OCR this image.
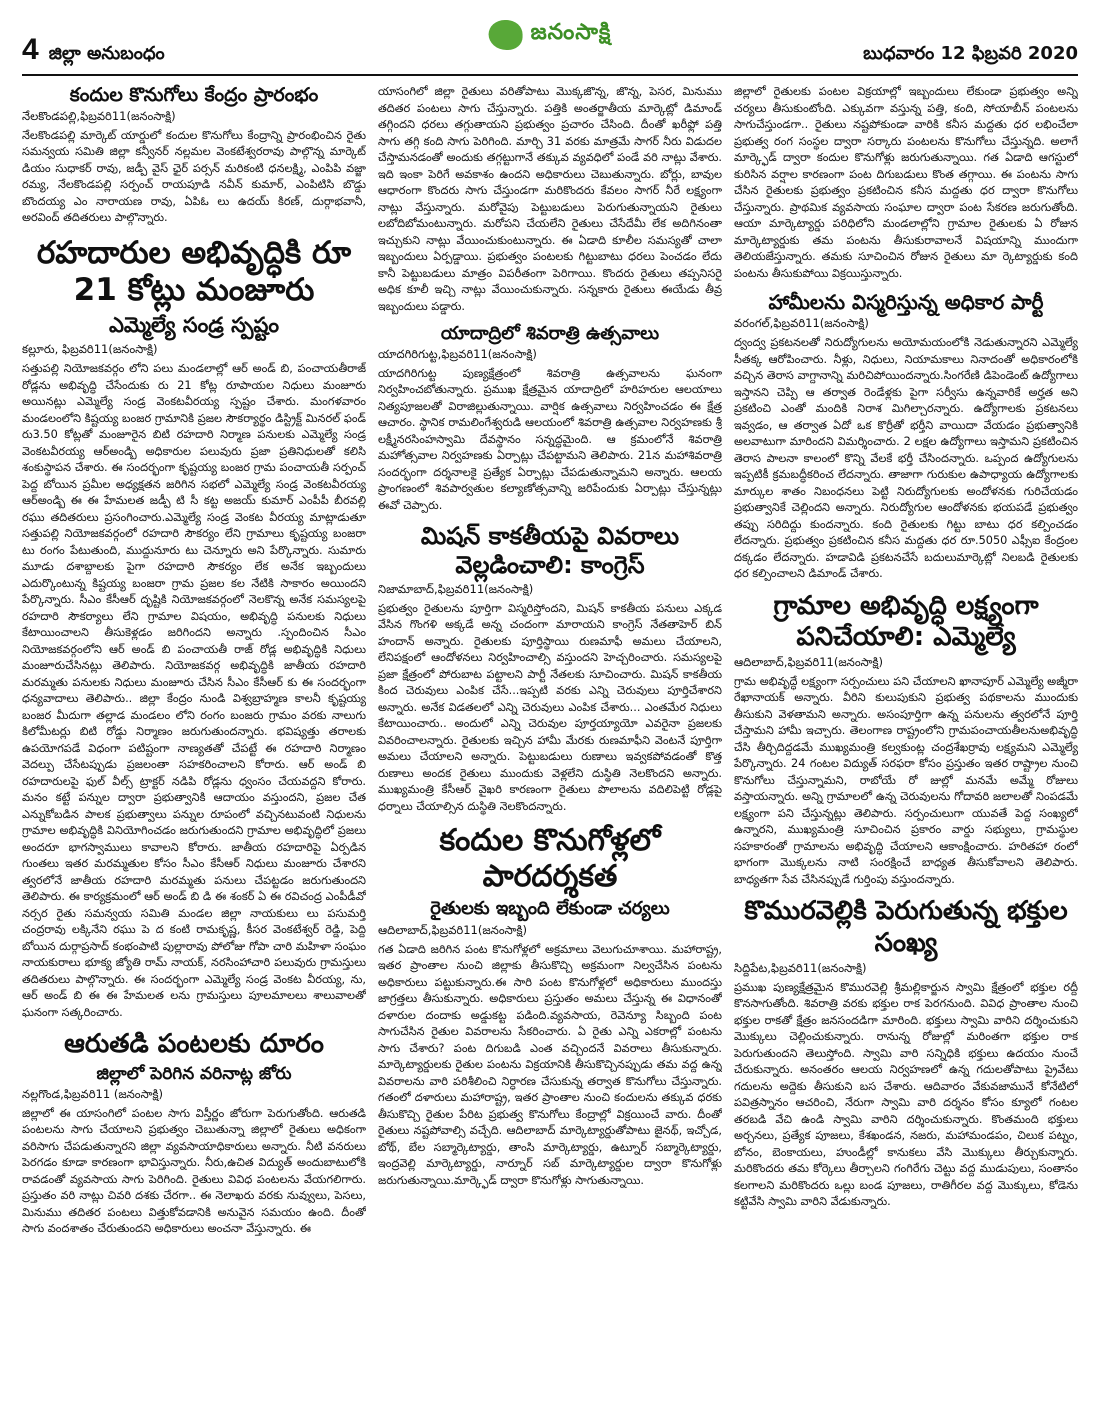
4 జిల్లా అనుబంధం
జనంసాక్షి
బుధవారం 12 ఫిబ్రవరి 2020
కందుల కొనుగోలు కేంద్రం ప్రారంభం
నేలకొండపల్లి,ఫిబ్రవరి11(జనంసాక్షి)

నేలకొండపల్లి మార్కెట్ యార్డులో కందుల కొనుగోలు కేంద్రాన్ని ప్రారంభించిన రైతు సమన్వయ సమితి జిల్లా కన్వీనర్ నల్లమల వెంకటేశ్వరరావు పాల్గొన్న మార్కెట్ డియం సుధాకర్ రావు, జడ్పీ వైస్ ఛైర్ పర్సన్ మరికంటి ధనలక్ష్మి, ఎంపిపి వజ్జా రమ్య, నేలకొండపల్లి సర్పంచ్ రాయపూడి నవీన్ కుమార్, ఎంపిటిసి బొడ్డు బొందయ్య ఎం నారాయణ రావు, ఏపిఓ లు ఉదయ్ కిరణ్, దుర్గాభవానీ, అరవింద్ తదితరులు పాల్గొన్నారు.

రహదారుల అభివృద్ధికి రూ 21 కోట్లు మంజూరు
ఎమ్మెల్యే సండ్ర స్పష్టం
కల్లూరు, ఫిబ్రవరి11(జనంసాక్షి)

సత్తుపల్లి నియోజకవర్గం లోని పలు మండలాల్లో ఆర్ అండ్ బి, పంచాయతీరాజ్ రోడ్లను అభివృద్ధి చేసేందుకు రు 21 కోట్ల రూపాయల నిధులు మంజూరు అయినట్లు ఎమ్మెల్యే సండ్ర వెంకటవీరయ్య స్పష్టం చేశారు. మంగళవారం మండలంలోని కిష్టయ్య బంజర గ్రామానికి ప్రజల సౌకర్యార్థం డిస్ట్రిక్ట్ మినరల్ ఫండ్ రు3.50 కోట్లతో మంజూరైన బిటి రహదారి నిర్మాణ పనులకు ఎమ్మెల్యే సండ్ర వెంకటవీరయ్య ఆర్అండ్బి అధికారుల పలువురు ప్రజా ప్రతినిధులతో కలిసి శంకుస్థాపన చేశారు. ఈ సందర్భంగా కృష్టయ్య బంజర గ్రామ పంచాయతీ సర్పంచ్ పెద్ద బోయిన ప్రమీల అధ్యక్షతన జరిగిన సభలో ఎమ్మెల్యే సండ్ర వెంకటవీరయ్య ఆర్అండ్బి ఈ ఈ హేమలత జడ్పీ టి సీ కట్ట అజయ్ కుమార్ ఎంపీపీ బీరవల్లి రఘు తదితరులు ప్రసంగించారు.ఎమ్మెల్యే సండ్ర వెంకట వీరయ్య మాట్లాడుతూ సత్తుపల్లి నియోజకవర్గంలో రహదారి సౌకర్యం లేని గ్రామాలు కృష్టయ్య బంజరా టు రంగం పేటుతుంది, ముద్దునూరు టు చెన్నూరు అని పేర్కొన్నారు. సుమారు మూడు దశాబ్దాలకు పైగా రహదారి సౌకర్యం లేక అనేక ఇబ్బందులు ఎదుర్కొంటున్న కిష్టయ్య బంజరా గ్రామ ప్రజల కల నేటికి సాకారం అయిందని పేర్కొన్నారు. సీఎం కేసీఆర్ దృష్టికి నియోజకవర్గంలో నెలకొన్న అనేక సమస్యలపై రహదారి సౌకర్యాలు లేని గ్రామాల విషయం, అభివృద్ధి పనులకు నిధులు కేటాయించాలని తీసుకెళ్లడం జరిగిందని అన్నారు .స్పందించిన సీఎం నియోజకవర్గంలోని ఆర్ అండ్ బి పంచాయతీ రాజ్ రోడ్ల అభివృద్ధికి నిధులు మంజూరుచేసినట్లు తెలిపారు. నియోజకవర్గ అభివృద్ధికి జాతీయ రహదారి మరమ్మతు పనులకు నిధులు మంజూరు చేసిన సీఎం కేసీఆర్ కు ఈ సందర్భంగా ధన్యవాదాలు తెలిపారు.. జిల్లా కేంద్రం నుండి విశ్వబ్రాహ్మణ కాలనీ కృష్టయ్య బంజర మీదుగా తల్లాడ మండలం లోని రంగం బంజరు గ్రామం వరకు నాలుగు కిలోమీటర్లు బిటి రోడ్డు నిర్మాణం జరుగుతుందన్నారు. భవిష్యత్తు తరాలకు ఉపయోగపడే విధంగా పటిష్టంగా నాణ్యతతో చేపట్టే ఈ రహదారి నిర్మాణం వెదల్పు చేసేటప్పుడు ప్రజలంతా సహకరించాలని కోరారు. ఆర్ అండ్ బి రహదారులపై ఫుల్ వీల్స్ ట్రాక్టర్ నడిపి రోడ్లను ధ్వంసం చేయవద్దని కోరారు. మనం కట్టే పన్నుల ద్వారా ప్రభుత్వానికి ఆదాయం వస్తుందని, ప్రజల చేత ఎన్నుకోబడిన పాలక ప్రభుత్వాలు పన్నుల రూపంలో వచ్చినటువంటి నిధులను గ్రామాల అభివృద్ధికి వినియోగించడం జరుగుతుందని గ్రామాల అభివృద్ధిలో ప్రజలు అందరూ భాగస్వాములు కావాలని కోరారు. జాతీయ రహదారిపై ఏర్పడిన గుంతలు ఇతర మరమ్మతుల కోసం సీఎం కేసీఆర్ నిధులు మంజూరు చేశారని త్వరలోనే జాతీయ రహదారి మరమ్మతు పనులు చేపట్టడం జరుగుతుందని తెలిపారు. ఈ కార్యక్రమంలో ఆర్ అండ్ బి డి ఈ శంకర్ ఏ ఈ రవిచంద్ర ఎంపీడీవో నర్సర రైతు సమన్వయ సమితి మండల జిల్లా నాయకులు లు పసుమర్తి చంద్రరావు లక్కినేని రఘు పె ద కంటి రామకృష్ణ, కీసర వెంకటేశ్వర్ రెడ్డి, పెద్ది బోయిన దుర్గాప్రసాద్ కంభంపాటి పుల్లారావు పోలోజు గోపా చారి మహిళా సంఘం నాయకురాలు భూక్య జ్యోతి రామ్ నాయక్, నరసింహాచారి పలువురు గ్రామస్తులు తదితరులు పాల్గొన్నారు. ఈ సందర్భంగా ఎమ్మెల్యే సండ్ర వెంకట వీరయ్య, ను, ఆర్ అండ్ బి ఈ ఈ హేమలత లను గ్రామస్తులు పూలమాలలు శాలువాలతో ఘనంగా సత్కరించారు.

ఆరుతడి పంటలకు దూరం
జిల్లాలో పెరిగిన వరినాట్ల జోరు
నల్లగొండ,ఫిబ్రవరి11 (జనంసాక్షి)

జిల్లాలో ఈ యాసంగిలో పంటల సాగు విస్తీర్ణం జోరుగా పెరుగుతోంది. ఆరుతడి పంటలను సాగు చేయాలని ప్రభుత్వం చెబుతున్నా జిల్లాలో రైతులు అధికంగా వరిసాగు చేపడుతున్నారని జిల్లా వ్యవసాయాధికారులు అన్నారు. నీటి వనరులు పెరగడం కూడా కారణంగా భావిస్తున్నారు. నీరు,ఉచిత విద్యుత్ అందుబాటులోకి రావడంతో వ్యవసాయ సాగు పెరిగింది. రైతులు వివిధ పంటలను వేయగలిగారు. ప్రస్తుతం వరి నాట్లు చివరి దశకు చేరగా.. ఈ నెలాఖరు వరకు నువ్వులు, పెసలు, మినుము తదితర పంటలు విత్తుకోవడానికి అనువైన సమయం ఉంది. దీంతో సాగు వందశాతం చేరుతుందని అధికారులు అంచనా వేస్తున్నారు. ఈ

యాసంగిలో జిల్లా రైతులు వరితోపాటు మొక్కజొన్న, జొన్న, పెసర, మినుము తదితర పంటలు సాగు చేస్తున్నారు. పత్తికి అంతర్జాతీయ మార్కెట్లో డిమాండ్ తగ్గిందని ధరలు తగ్గుతాయని ప్రభుత్వం ప్రచారం చేసింది. దీంతో ఖరీఫ్లో పత్తి సాగు తగ్గి కంది సాగు పెరిగింది. మార్చి 31 వరకు మాత్రమే సాగర్ నీరు విడుదల చేస్తామనడంతో అందుకు తగ్గట్టుగానే తక్కువ వ్యవధిలో పండే వరి నాట్లు వేశారు. ఇది ఇంకా పెరిగే అవకాశం ఉందని అధికారులు చెబుతున్నారు. బోర్లు, బావుల ఆధారంగా కొందరు సాగు చేస్తుండగా మరికొందరు కేవలం సాగర్ నీరే లక్ష్యంగా నాట్లు వేస్తున్నారు. మరోవైపు పెట్టుబడులు పెరుగుతున్నాయని రైతులు లబోదిబోమంటున్నారు. మరోపని చేయలేని రైతులు చేసేదేమీ లేక అదిగినంతా ఇచ్చుకుని నాట్లు వేయించుకుంటున్నారు. ఈ ఏడాది కూలీల సమస్యతో చాలా ఇబ్బందులు ఏర్పడ్డాయి. ప్రభుత్వం పంటలకు గిట్టుబాటు ధరలు పెంచడం లేదు కానీ పెట్టుబడులు మాత్రం విపరీతంగా పెరిగాయి. కొందరు రైతులు తప్పనిసరై అధిక కూలీ ఇచ్చి నాట్లు వేయించుకున్నారు. సన్నకారు రైతులు ఈయేడు తీవ్ర ఇబ్బందులు పడ్డారు.

యాదాద్రిలో శివరాత్రి ఉత్సవాలు
యాదగిరిగుట్ట,ఫిబ్రవరి11(జనంసాక్షి)

యాదగిరిగుట్ట పుణ్యక్షేత్రంలో శివరాత్రి ఉత్సవాలను ఘనంగా నిర్వహించబోతున్నారు. ప్రముఖ క్షేత్రమైన యాదాద్రిలో హరిహరుల ఆలయాలు నిత్యపూజలతో విరాజిల్లుతున్నాయి. వార్షిక ఉత్సవాలు నిర్వహించడం ఈ క్షేత్ర ఆచారం. స్థానిక రామలింగేశ్వరుడి ఆలయంలో శివరాత్రి ఉత్సవాల నిర్వహణకు శ్రీ లక్ష్మీనరసింహస్వామి దేవస్థానం సన్నద్ధమైంది. ఆ క్రమంలోనే శివరాత్రి మహోత్సవాల నిర్వహణకు ఏర్పాట్లు చేపట్టామని తెలిపారు. 21న మహాశివరాత్రి సందర్భంగా దర్శనాలకై ప్రత్యేక ఏర్పాట్లు చేపడుతున్నామని అన్నారు. ఆలయ ప్రాంగణంలో శివపార్వతుల కల్యాణోత్సవాన్ని జరిపేందుకు ఏర్పాట్లు చేస్తున్నట్లు ఈవో చెప్పారు.

మిషన్ కాకతీయపై వివరాలు వెల్లడించాలి: కాంగ్రెస్
నిజామాబాద్,ఫిబ్రవరి11(జనంసాక్షి)

ప్రభుత్వం రైతులను పూర్తిగా విస్మరిస్తోందని, మిషన్ కాకతీయ పనులు ఎక్కడ వేసిన గొంగళి అక్కడే అన్న చందంగా మారాయని కాంగ్రెస్ నేతతాహెర్ బిన్ హందాన్ అన్నారు. రైతులకు పూర్తిస్థాయి రుణమాఫీ అమలు చేయాలని, లేనిపక్షంలో ఆందోళనలు నిర్వహించాల్సి వస్తుందని హెచ్చరించారు. సమస్యలపై ప్రజా క్షేత్రంలో పోరుబాట పట్టాలని పార్టీ నేతలకు సూచించారు. మిషన్ కాకతీయ కింద చెరువులు ఎంపిక చేసే...ఇప్పటి వరకు ఎన్ని చెరువులు పూర్తిచేశారని అన్నారు. అనేక విడతలలో ఎన్ని చెరువులు ఎంపిక చేశారు... ఎంతమేర నిధులు కేటాయించారు.. అందులో ఎన్ని చెరువుల పూర్తయ్యాయో ఎవరైనా ప్రజలకు వివరించాలన్నారు. రైతులకు ఇచ్చిన హామీ మేరకు రుణమాఫీని వెంటనే పూర్తిగా అమలు చేయాలని అన్నారు. పెట్టుబడులు రుణాలు ఇవ్వకపోవడంతో కొత్త రుణాలు అందక రైతులు ముందుకు వెళ్లలేని దుస్థితి నెలకొందని అన్నారు. ముఖ్యమంత్రి కేసీఆర్ వైఖరి కారణంగా రైతులు పొలాలను వదిలిపెట్టి రోడ్లపై ధర్నాలు చేయాల్సిన దుస్థితి నెలకొందన్నారు.

కందుల కొనుగోళ్లలో పారదర్శకత
రైతులకు ఇబ్బంది లేకుండా చర్యలు
ఆదిలాబాద్,ఫిబ్రవరి11(జనంసాక్షి)

గత ఏడాది జరిగిన పంట కొనుగోళ్లలో అక్రమాలు వెలుగుచూశాయి. మహారాష్ట్ర, ఇతర ప్రాంతాల నుంచి జిల్లాకు తీసుకొచ్చి అక్రమంగా నిల్వచేసిన పంటను అధికారులు పట్టుకున్నారు.ఈ సారి పంట కొనుగోళ్లలో అధికారులు ముందస్తు జాగ్రత్తలు తీసుకున్నారు. అధికారులు ప్రస్తుతం అమలు చేస్తున్న ఈ విధానంతో దళారుల దందాకు అడ్డుకట్ట పడింది.వ్యవసాయ, రెవెన్యూ సిబ్బంది పంట సాగుచేసిన రైతుల వివరాలను సేకరించారు. ఏ రైతు ఎన్ని ఎకరాల్లో పంటను సాగు చేశారు? పంట దిగుబడి ఎంత వచ్చిందనే వివరాలు తీసుకున్నారు. మార్కెట్యార్డులకు రైతుల పంటను విక్రయానికి తీసుకొచ్చినప్పుడు తమ వద్ద ఉన్న వివరాలను వారి పరిశీలించి నిర్ధారణ చేసుకున్న తర్వాత కొనుగోలు చేస్తున్నారు. గతంలో దళారులు మహారాష్ట్ర, ఇతర ప్రాంతాల నుంచి కందులను తక్కువ ధరకు తీసుకొచ్చి రైతుల పేరిట ప్రభుత్వ కొనుగోలు కేంద్రాల్లో విక్రయించే వారు. దీంతో రైతులు నష్టపోవాల్సి వచ్చేది. ఆదిలాబాద్ మార్కెట్యార్డుతోపాటు జైనథ్, ఇచ్చోడ, బోథ్, బేల సబ్మార్కెట్యార్డు, తాంసి మార్కెట్యార్డు, ఉట్నూర్ సబ్మార్కెట్యార్డు, ఇంద్రవెల్లి మార్కెట్యార్డు, నార్నూర్ సబ్ మార్కెట్యార్డుల ద్వారా కొనుగోళ్లు జరుగుతున్నాయి.మార్క్ఫెడ్ ద్వారా కొనుగోళ్లు సాగుతున్నాయి.

జిల్లాలో రైతులకు పంటల విక్రయాల్లో ఇబ్బందులు లేకుండా ప్రభుత్వం అన్ని చర్యలు తీసుకుంటోంది. ఎక్కువగా వస్తున్న పత్తి, కంది, సోయాబీన్ పంటలను సాగుచేస్తుండగా.. రైతులు నష్టపోకుండా వారికి కనీస మద్దతు ధర లభించేలా ప్రభుత్వ రంగ సంస్థల ద్వారా సర్కారు పంటలను కొనుగోలు చేస్తున్నది. అలాగే మార్క్ఫెడ్ ద్వారా కందుల కొనుగోళ్లు జరుగుతున్నాయి. గత ఏడాది ఆగస్టులో కురిసిన వర్షాల కారణంగా పంట దిగుబడులు కొంత తగ్గాయి. ఈ పంటను సాగు చేసిన రైతులకు ప్రభుత్వం ప్రకటించిన కనీస మద్దతు ధర ద్వారా కొనుగోలు చేస్తున్నారు. ప్రాథమిక వ్యవసాయ సంఘాల ద్వారా పంట సేకరణ జరుగుతోంది. ఆయా మార్కెట్యార్డు పరిధిలోని మండలాల్లోని గ్రామాల రైతులకు ఏ రోజున మార్కెట్యార్డుకు తమ పంటను తీసుకురావాలనే విషయాన్ని ముందుగా తెలియజేస్తున్నారు. తమకు సూచించిన రోజున రైతులు మా ర్కెట్యార్డుకు కంది పంటను తీసుకుపోయి విక్రయిస్తున్నారు.

హామీలను విస్మరిస్తున్న అధికార పార్టీ
వరంగల్,ఫిబ్రవరి11(జనంసాక్షి)

ద్వంద్వ ప్రకటనలతో నిరుద్యోగులను అయోమయంలోకి నెడుతున్నారని ఎమ్మెల్యే సీతక్క ఆరోపించారు. నీళ్లు, నిధులు, నియామకాలు నినాదంతో అధికారంలోకి వచ్చిన తెరాస వాగ్దానాన్ని మరిచిపోయిందన్నారు.సింగరేణి డిపెండెంట్ ఉద్యోగాలు ఇస్తానని చెప్పి ఆ తర్వాత రెండేళ్లకు పైగా సర్వీసు ఉన్నవారికే అర్హత అని ప్రకటించి ఎంతో మందికి నిరాశ మిగిల్చారన్నారు. ఉద్యోగాలకు ప్రకటనలు ఇవ్వడం, ఆ తర్వాత ఏదో ఒక కొర్రీతో భర్తీని వాయిదా వేయడం ప్రభుత్వానికి అలవాటుగా మారిందని విమర్శించారు. 2 లక్షల ఉద్యోగాలు ఇస్తామని ప్రకటించిన తెరాస పాలనా కాలంలో కొన్ని వేలకే భర్తీ చేసిందన్నారు. ఒప్పంద ఉద్యోగులను ఇప్పటికీ క్రమబద్ధీకరించ లేదన్నారు. తాజాగా గురుకుల ఉపాధ్యాయ ఉద్యోగాలకు మార్కుల శాతం నిబంధనలు పెట్టి నిరుద్యోగులకు అందోళనకు గురిచేయడం ప్రభుత్వానికే చెల్లిందని అన్నారు. నిరుద్యోగుల ఆందోళనకు భయపడే ప్రభుత్వం తప్పు సరిదిద్దు కుందన్నారు. కంది రైతులకు గిట్టు బాటు ధర కల్పించడం లేదన్నారు. ప్రభుత్వం ప్రకటించిన కనీస మద్దతు ధర రూ.5050 ఎఫ్సీఐ కేంద్రంల దక్కడం లేదన్నారు. హడావిడి ప్రకటనచేసే బదులుమార్కెట్లో నిలబడి రైతులకు ధర కల్పించాలని డిమాండ్ చేశారు.

గ్రామాల అభివృద్ధి లక్ష్యంగా పనిచేయాలి: ఎమ్మెల్యే
ఆదిలాబాద్,ఫిబ్రవరి11(జనంసాక్షి)

గ్రామ అభివృద్ధే లక్ష్యంగా సర్పంచులు పని చేయాలని ఖానాపూర్ ఎమ్మెల్యే అజ్మీరా రేఖానాయక్ అన్నారు. వీరిని కులుపుకుని ప్రభుత్వ పథకాలను ముందుకు తీసుకుని వెళతామని అన్నారు. అసంపూర్తిగా ఉన్న పనులను త్వరలోనే పూర్తి చేస్తామని హామీ ఇచ్చారు. తెలంగాణ రాష్ట్రంలోని గ్రామపంచాయతీలనుఅభివృద్ధి చేసి తీర్చిదిద్దడమే ముఖ్యమంత్రి కల్వకుంట్ల చంద్రశేఖర్రావు లక్ష్యమని ఎమ్మెల్యే పేర్కొన్నారు. 24 గంటల విద్యుత్ సరఫరా కోసం ప్రస్తుతం ఇతర రాష్ట్రాల నుంచి కొనుగోలు చేస్తున్నామని, రాబోయే రో జుల్లో మనమే అమ్మే రోజులు వస్తాయన్నారు. అన్ని గ్రామాలలో ఉన్న చెరువులను గోదావరి జలాలతో నింపడమే లక్ష్యంగా పని చేస్తున్నట్లు తెలిపారు. సర్పంచులుగా యువతే పెద్ద సంఖ్యలో ఉన్నారని, ముఖ్యమంత్రి సూచించిన ప్రకారం వార్డు సభ్యులు, గ్రామస్థుల సహకారంతో గ్రామాలను అభివృద్ధి చేయాలని ఆకాంక్షించారు. హరితహా రంలో భాగంగా మొక్కలను నాటి సంరక్షించే బాధ్యత తీసుకోవాలని తెలిపారు. బాధ్యతగా సేవ చేసినప్పుడే గుర్తింపు వస్తుందన్నారు.

కొమురవెల్లికి పెరుగుతున్న భక్తుల సంఖ్య
సిద్దిపేట,ఫిబ్రవరి11(జనంసాక్షి)

ప్రముఖ పుణ్యక్షేత్రమైన కొమురవెల్లి శ్రీమల్లికార్జున స్వామి క్షేత్రంలో భక్తుల రద్దీ కొనసాగుతోంది. శివరాత్రి వరకు భక్తుల రాక పెరగనుంది. వివిధ ప్రాంతాల నుంచి భక్తుల రాకతో క్షేత్రం జనసందడిగా మారింది. భక్తులు స్వామి వారిని దర్శించుకుని మొక్కులు చెల్లించుకున్నారు. రానున్న రోజుల్లో మరింతగా భక్తుల రాక పెరుగుతుందని తెలుస్తోంది. స్వామి వారి సన్నిధికి భక్తులు ఉదయం నుంచే చేరుకున్నారు. అనంతరం ఆలయ నిర్వహణలో ఉన్న గదులతోపాటు ప్రైవేటు గదులను అద్దెకు తీసుకుని బస చేశారు. ఆదివారం వేకువజామునే కోనేటిలో పవిత్రస్నానం ఆచరించి, నేరుగా స్వామి వారి దర్శనం కోసం క్యూలో గంటల తరబడి వేచి ఉండి స్వామి వారిని దర్శించుకున్నారు. కొంతమంది భక్తులు అర్చనలు, ప్రత్యేక పూజలు, కేశఖండన, నజరు, మహామండపం, చిలుక పట్నం, బోనం, బెంకాయలు, హుండీల్లో కానుకలు వేసి మొక్కులు తీర్చుకున్నారు. మరికొందరు తమ కోర్కెలు తీర్చాలని గంగిరేగు చెట్టు వద్ద ముడుపులు, సంతానం కలగాలని మరికొందరు ఒల్లు బండ పూజలు, రాతిగీరల వద్ద మొక్కులు, కోడెను కట్టివేసి స్వామి వారిని వేడుకున్నారు.
